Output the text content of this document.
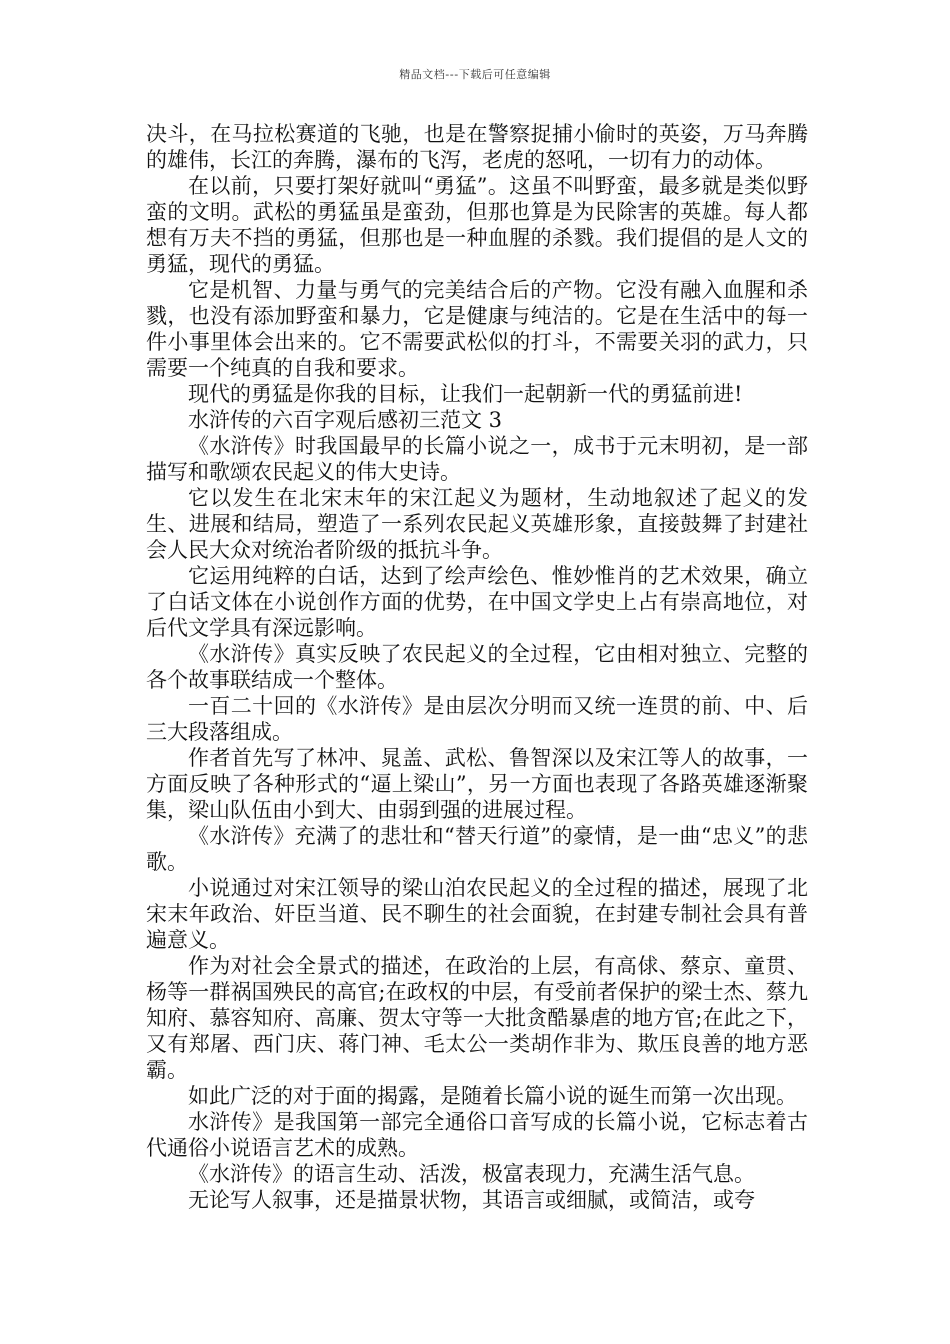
精品文档---下载后可任意编辑

决斗，在马拉松赛道的飞驰，也是在警察捉捕小偷时的英姿，万马奔腾的雄伟，长江的奔腾，瀑布的飞泻，老虎的怒吼，一切有力的动体。

在以前，只要打架好就叫“勇猛”。这虽不叫野蛮，最多就是类似野蛮的文明。武松的勇猛虽是蛮劲，但那也算是为民除害的英雄。每人都想有万夫不挡的勇猛，但那也是一种血腥的杀戮。我们提倡的是人文的勇猛，现代的勇猛。

它是机智、力量与勇气的完美结合后的产物。它没有融入血腥和杀戮，也没有添加野蛮和暴力，它是健康与纯洁的。它是在生活中的每一件小事里体会出来的。它不需要武松似的打斗，不需要关羽的武力，只需要一个纯真的自我和要求。

现代的勇猛是你我的目标，让我们一起朝新一代的勇猛前进!

水浒传的六百字观后感初三范文 3

《水浒传》时我国最早的长篇小说之一，成书于元末明初，是一部描写和歌颂农民起义的伟大史诗。

它以发生在北宋末年的宋江起义为题材，生动地叙述了起义的发生、进展和结局，塑造了一系列农民起义英雄形象，直接鼓舞了封建社会人民大众对统治者阶级的抵抗斗争。

它运用纯粹的白话，达到了绘声绘色、惟妙惟肖的艺术效果，确立了白话文体在小说创作方面的优势，在中国文学史上占有崇高地位，对后代文学具有深远影响。

《水浒传》真实反映了农民起义的全过程，它由相对独立、完整的各个故事联结成一个整体。

一百二十回的《水浒传》是由层次分明而又统一连贯的前、中、后三大段落组成。

作者首先写了林冲、晁盖、武松、鲁智深以及宋江等人的故事，一方面反映了各种形式的“逼上梁山”，另一方面也表现了各路英雄逐渐聚集，梁山队伍由小到大、由弱到强的进展过程。

《水浒传》充满了的悲壮和“替天行道”的豪情，是一曲“忠义”的悲歌。

小说通过对宋江领导的梁山泊农民起义的全过程的描述，展现了北宋末年政治、奸臣当道、民不聊生的社会面貌，在封建专制社会具有普遍意义。

作为对社会全景式的描述，在政治的上层，有高俅、蔡京、童贯、杨等一群祸国殃民的高官;在政权的中层，有受前者保护的梁士杰、蔡九知府、慕容知府、高廉、贺太守等一大批贪酷暴虐的地方官;在此之下，又有郑屠、西门庆、蒋门神、毛太公一类胡作非为、欺压良善的地方恶霸。

如此广泛的对于面的揭露，是随着长篇小说的诞生而第一次出现。

水浒传》是我国第一部完全通俗口音写成的长篇小说，它标志着古代通俗小说语言艺术的成熟。

《水浒传》的语言生动、活泼，极富表现力，充满生活气息。

无论写人叙事，还是描景状物，其语言或细腻，或简洁，或夸
